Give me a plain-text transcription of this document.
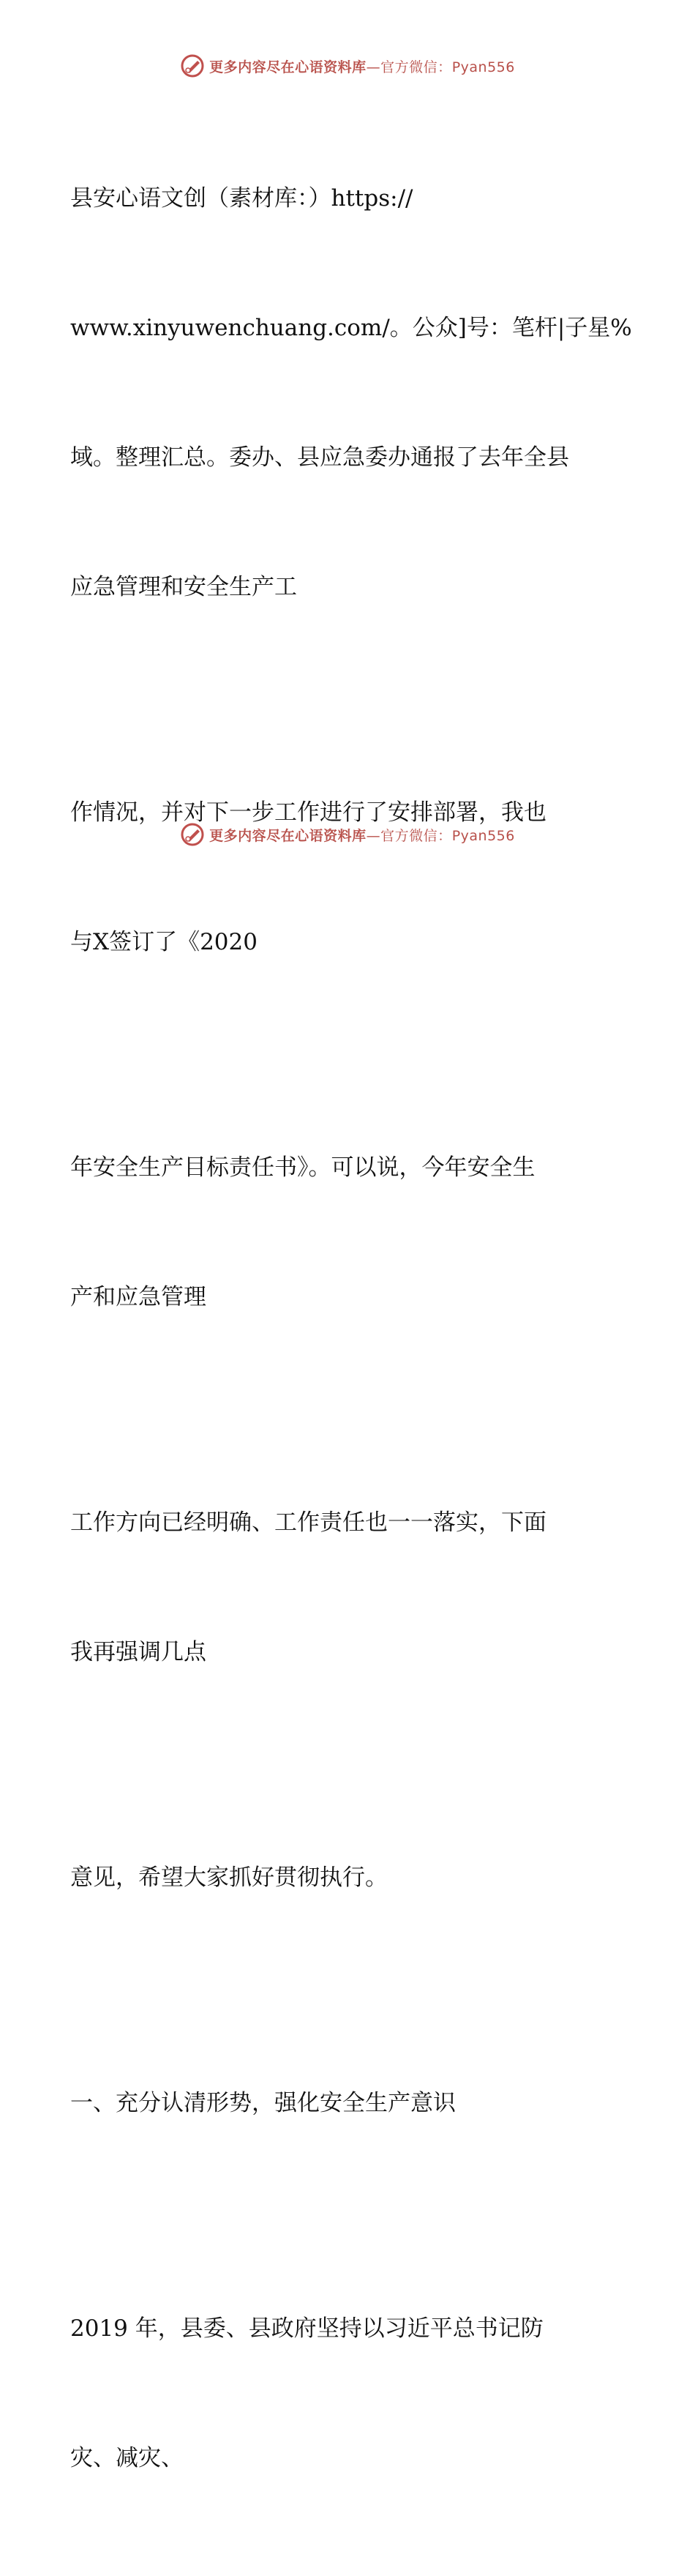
更多内容尽在心语资料库—官方微信：Pyan556

县安心语文创（素材库：）https://

www.xinyuwenchuang.com/。公众]号：笔杆|子星%

域。整理汇总。委办、县应急委办通报了去年全县

应急管理和安全生产工

作情况，并对下一步工作进行了安排部署，我也

与X签订了《2020

年安全生产目标责任书》。可以说，今年安全生

产和应急管理

工作方向已经明确、工作责任也一一落实，下面

我再强调几点

意见，希望大家抓好贯彻执行。

一、充分认清形势，强化安全生产意识

2019 年，县委、县政府坚持以习近平总书记防

灾、减灾、

更多内容尽在心语资料库—官方微信：Pyan556
